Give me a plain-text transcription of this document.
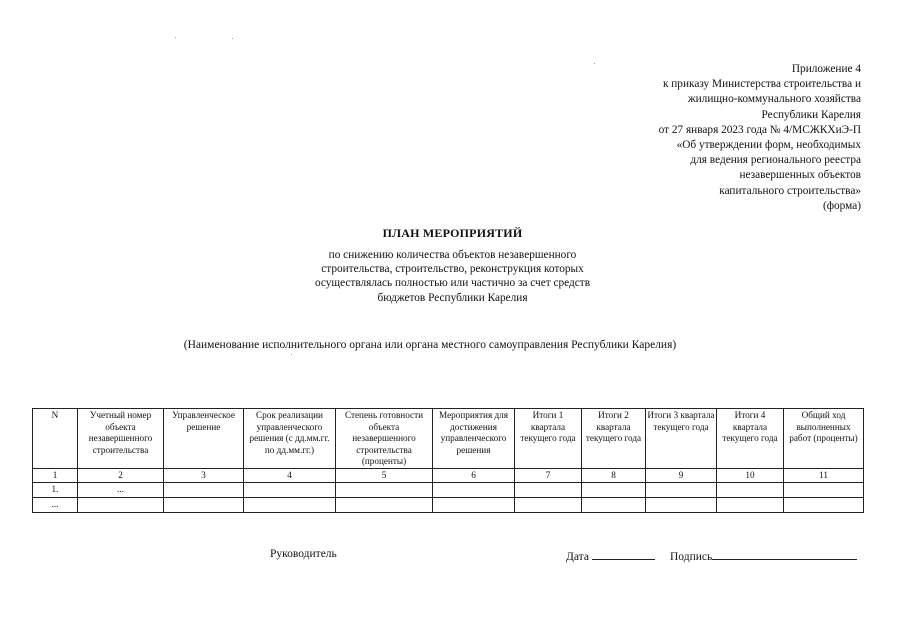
Приложение 4
к приказу Министерства строительства и
жилищно-коммунального хозяйства
Республики Карелия
от 27 января 2023 года № 4/МСЖКХиЭ-П
«Об утверждении форм, необходимых
для ведения регионального реестра
незавершенных объектов
капитального строительства»
(форма)
ПЛАН МЕРОПРИЯТИЙ
по снижению количества объектов незавершенного
строительства, строительство, реконструкция которых
осуществлялась полностью или частично за счет средств
бюджетов Республики Карелия
(Наименование исполнительного органа или органа местного самоуправления Республики Карелия)
N	Учетный номер объекта незавершенного строительства	Управленческое решение	Срок реализации управленческого решения (с дд.мм.гг. по дд.мм.гг.)	Степень готовности объекта незавершенного строительства (проценты)	Мероприятия для достижения управленческого решения	Итоги 1 квартала текущего года	Итоги 2 квартала текущего года	Итоги 3 квартала текущего года	Итоги 4 квартала текущего года	Общий ход выполненных работ (проценты)
1	2	3	4	5	6	7	8	9	10	11
1.	...									
...										
Руководитель	Дата	Подпись
